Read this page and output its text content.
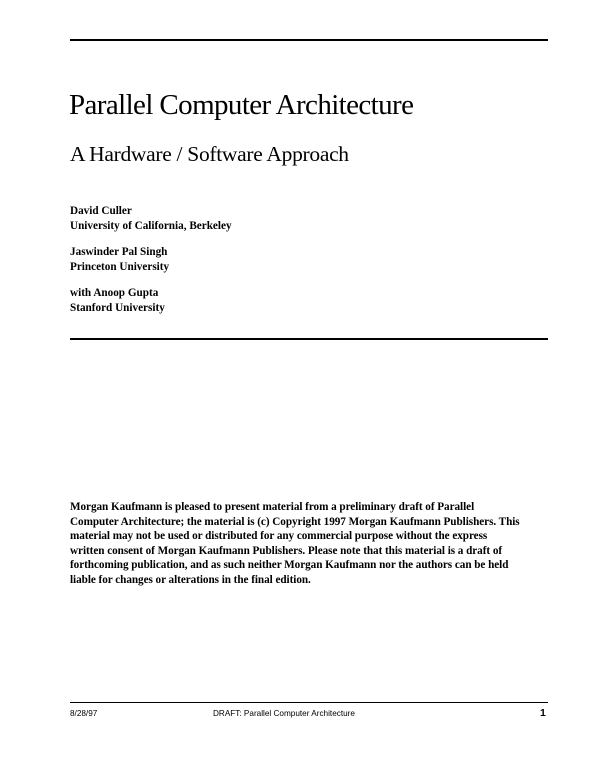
Parallel Computer Architecture
A Hardware / Software Approach
David Culler
University of California, Berkeley
Jaswinder Pal Singh
Princeton University
with Anoop Gupta
Stanford University

Morgan Kaufmann is pleased to present material from a preliminary draft of Parallel
Computer Architecture; the material is (c) Copyright 1997 Morgan Kaufmann Publishers. This
material may not be used or distributed for any commercial purpose without the express
written consent of Morgan Kaufmann Publishers. Please note that this material is a draft of
forthcoming publication, and as such neither Morgan Kaufmann nor the authors can be held
liable for changes or alterations in the final edition.

8/28/97	DRAFT: Parallel Computer Architecture	1
